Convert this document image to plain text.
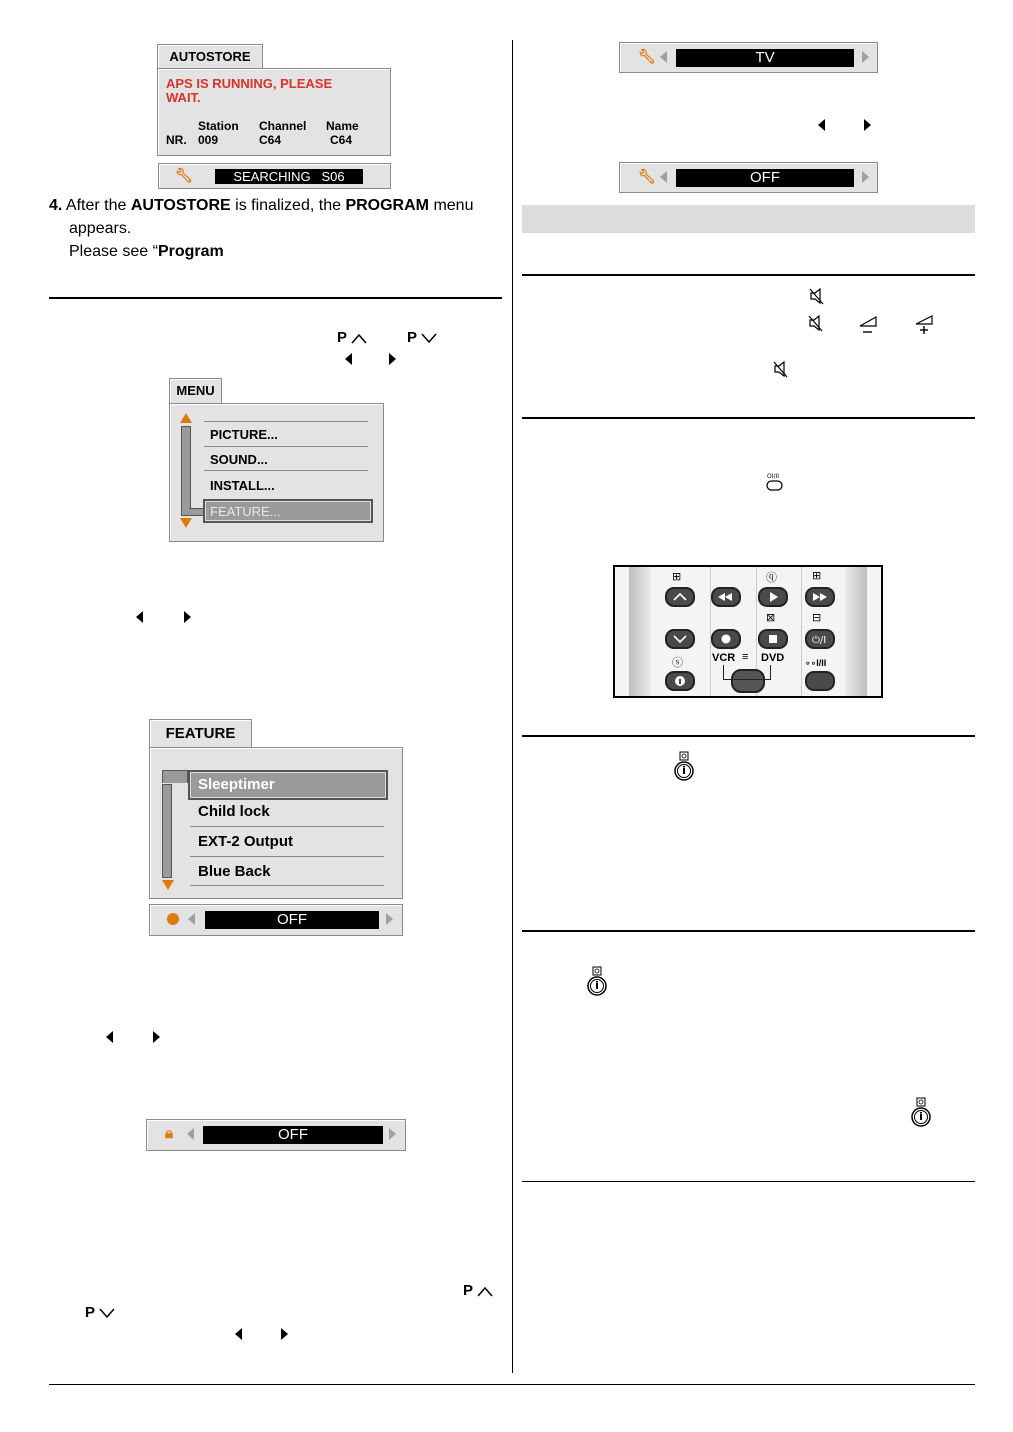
AUTOSTORE
APS IS RUNNING, PLEASE WAIT.
Station Channel Name
NR. 009	C64	C64
🔧︎	SEARCHING S06
4. After the AUTOSTORE is finalized, the PROGRAM menu
appears.
Please see “Program
P	P
MENU
PICTURE...
SOUND...
INSTALL...
FEATURE...
FEATURE
Sleeptimer
Child lock
EXT-2 Output
Blue Back
OFF
🔒︎	OFF
P
P
🔧︎	TV
🔧︎	OFF
OI/II
⊞	ⓠ	⊞
⊠	⊟
⏻/I
ⓢ	VCR ≡ DVD ∘∘I/II
